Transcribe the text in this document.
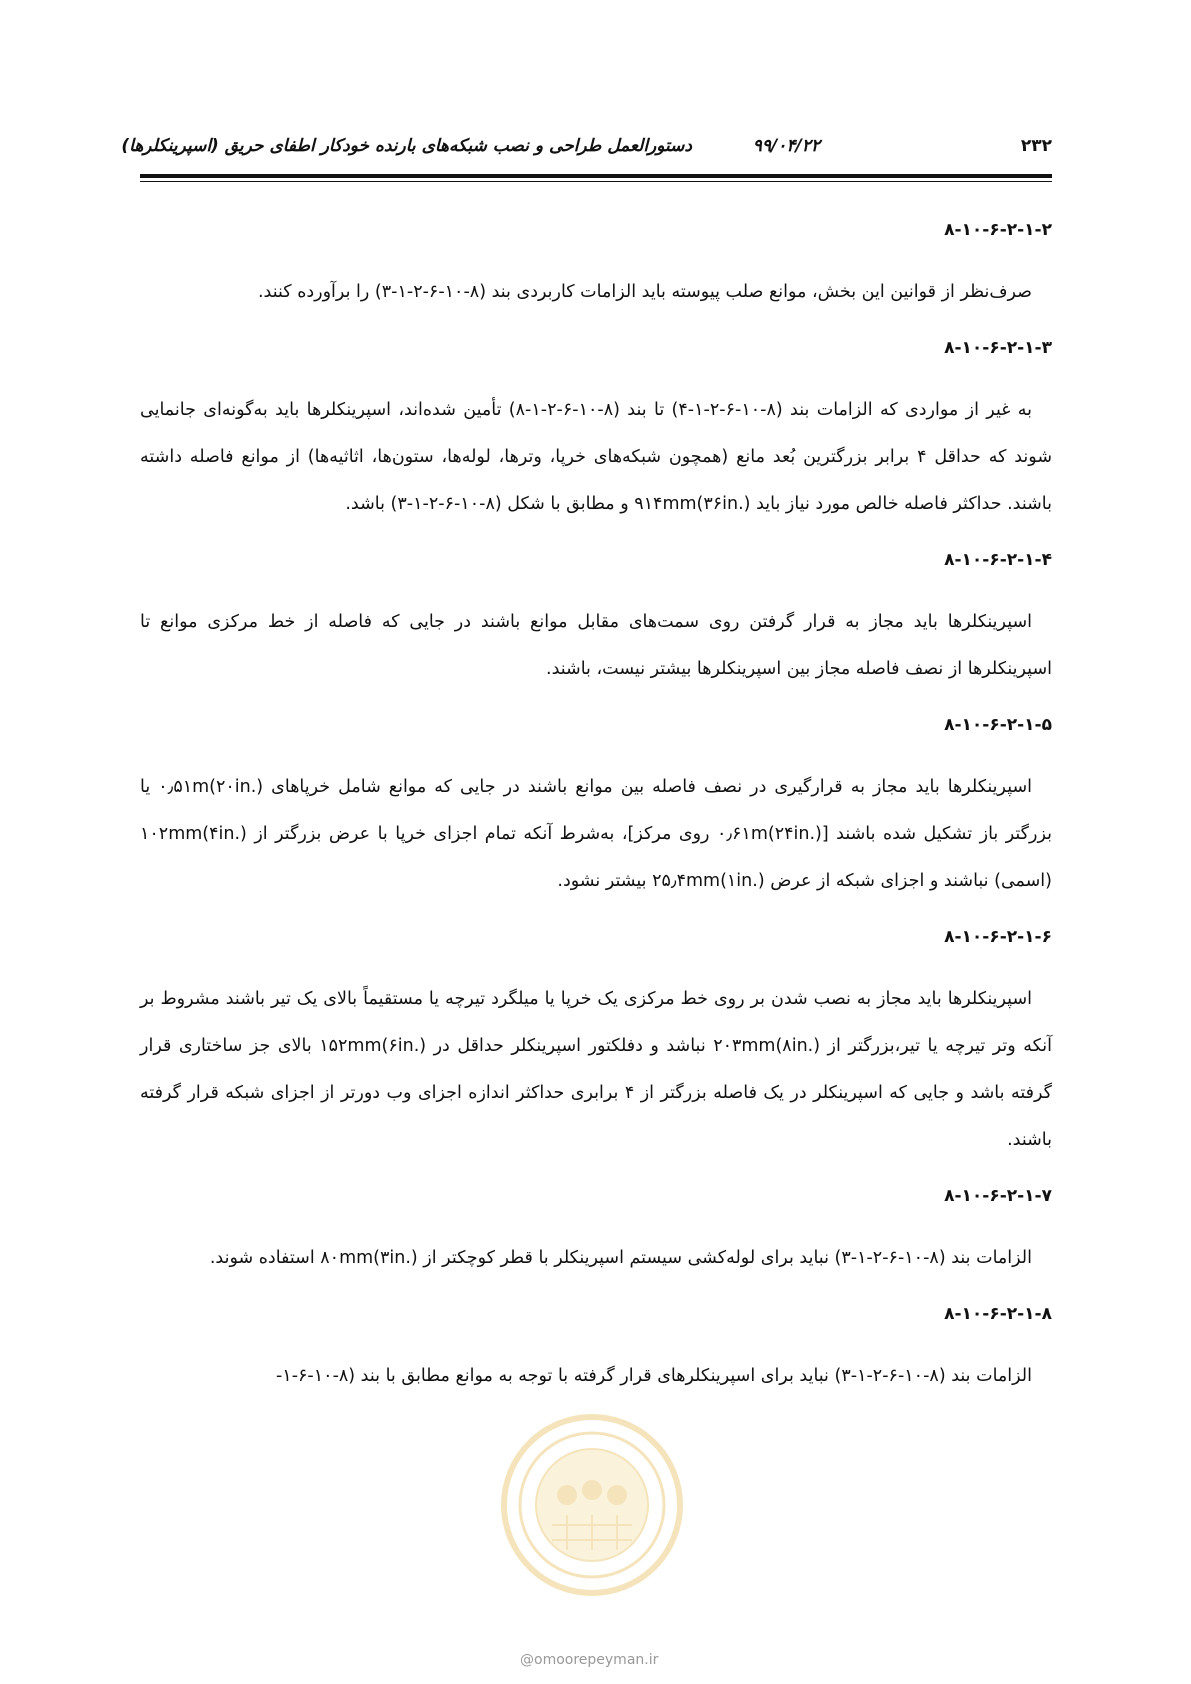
۲۳۲
۹۹/۰۴/۲۲
دستورالعمل طراحی و نصب شبکه‌های بارنده خودکار اطفای حریق (اسپرینکلرها)
۸-۱۰-۶-۲-۱-۲

صرف‌نظر از قوانین این بخش، موانع صلب پیوسته باید الزامات کاربردی بند (۸-۱۰-۶-۲-۱-۳) را برآورده کنند.

۸-۱۰-۶-۲-۱-۳

به غیر از مواردی که الزامات بند (۸-۱۰-۶-۲-۱-۴) تا بند (۸-۱۰-۶-۲-۱-۸) تأمین شده‌اند، اسپرینکلرها باید به‌گونه‌ای جانمایی شوند که حداقل ۴ برابر بزرگترین بُعد مانع (همچون شبکه‌های خرپا، وترها، لوله‌ها، ستون‌ها، اثاثیه‌ها) از موانع فاصله داشته باشند. حداکثر فاصله خالص مورد نیاز باید ۹۱۴mm(۳۶in.) و مطابق با شکل (۸-۱۰-۶-۲-۱-۳) باشد.

۸-۱۰-۶-۲-۱-۴

اسپرینکلرها باید مجاز به قرار گرفتن روی سمت‌های مقابل موانع باشند در جایی که فاصله از خط مرکزی موانع تا اسپرینکلرها از نصف فاصله مجاز بین اسپرینکلرها بیشتر نیست، باشند.

۸-۱۰-۶-۲-۱-۵

اسپرینکلرها باید مجاز به قرارگیری در نصف فاصله بین موانع باشند در جایی که موانع شامل خرپاهای ۰٫۵۱m(۲۰in.) یا بزرگتر باز تشکیل شده باشند [۰٫۶۱m(۲۴in.) روی مرکز]، به‌شرط آنکه تمام اجزای خرپا با عرض بزرگتر از ۱۰۲mm(۴in.) (اسمی) نباشند و اجزای شبکه از عرض ۲۵٫۴mm(۱in.) بیشتر نشود.

۸-۱۰-۶-۲-۱-۶

اسپرینکلرها باید مجاز به نصب شدن بر روی خط مرکزی یک خرپا یا میلگرد تیرچه یا مستقیماً بالای یک تیر باشند مشروط بر آنکه وتر تیرچه یا تیر،بزرگتر از ۲۰۳mm(۸in.) نباشد و دفلکتور اسپرینکلر حداقل در ۱۵۲mm(۶in.) بالای جز ساختاری قرار گرفته باشد و جایی که اسپرینکلر در یک فاصله بزرگتر از ۴ برابری حداکثر اندازه اجزای وب دورتر از اجزای شبکه قرار گرفته باشند.

۸-۱۰-۶-۲-۱-۷

الزامات بند (۸-۱۰-۶-۲-۱-۳) نباید برای لوله‌کشی سیستم اسپرینکلر با قطر کوچکتر از ۸۰mm(۳in.) استفاده شوند.

۸-۱۰-۶-۲-۱-۸

الزامات بند (۸-۱۰-۶-۲-۱-۳) نباید برای اسپرینکلرهای قرار گرفته با توجه به موانع مطابق با بند (۸-۱۰-۶-۱-

@omoorepeyman.ir
